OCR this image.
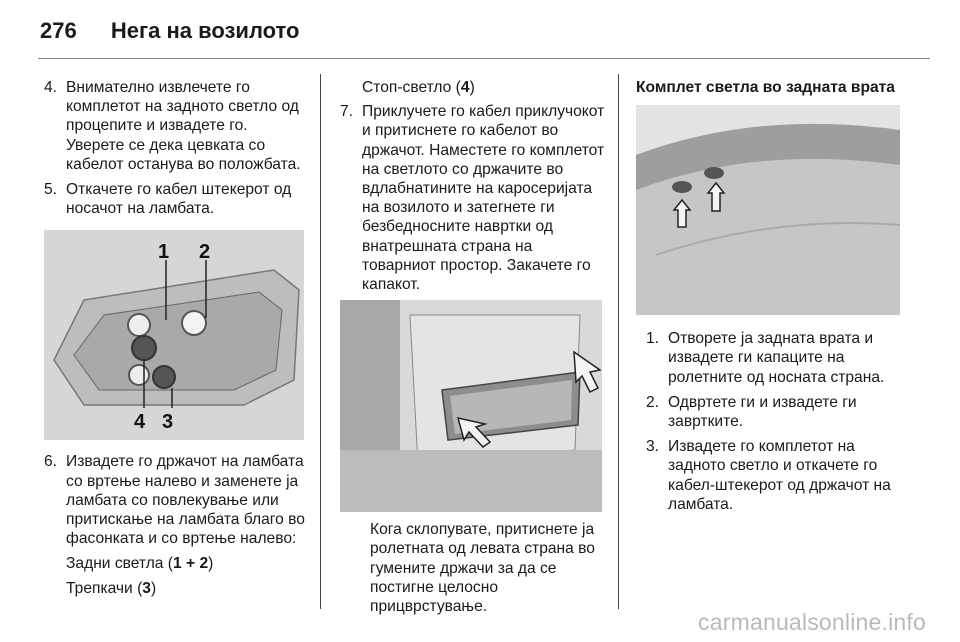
276 Нега на возилото
4. Внимателно извлечете го комплетот на задното светло од процепите и извадете го. Уверете се дека цевката со кабелот останува во положбата.
5. Откачете го кабел штекерот од носачот на ламбата.
1 2
4 3
6. Извадете го држачот на ламбата со вртење налево и заменете ја ламбата со повлекување или притискање на ламбата благо во фасонката и со вртење налево:
Задни светла (1 + 2)
Трепкачи (3)
Стоп-светло (4)
7. Приклучете го кабел приклучокот и притиснете го кабелот во држачот. Наместете го комплетот на светлото со држачите во вдлабнатините на каросеријата на возилото и затегнете ги безбедносните навртки од внатрешната страна на товарниот простор. Закачете го капакот.
Кога склопувате, притиснете ја ролетната од левата страна во гумените држачи за да се постигне целосно прицврстување.
Комплет светла во задната врата
1. Отворете ја задната врата и извадете ги капаците на ролетните од носната страна.
2. Одвртете ги и извадете ги завртките.
3. Извадете го комплетот на задното светло и откачете го кабел-штекерот од држачот на ламбата.
carmanualsonline.info
